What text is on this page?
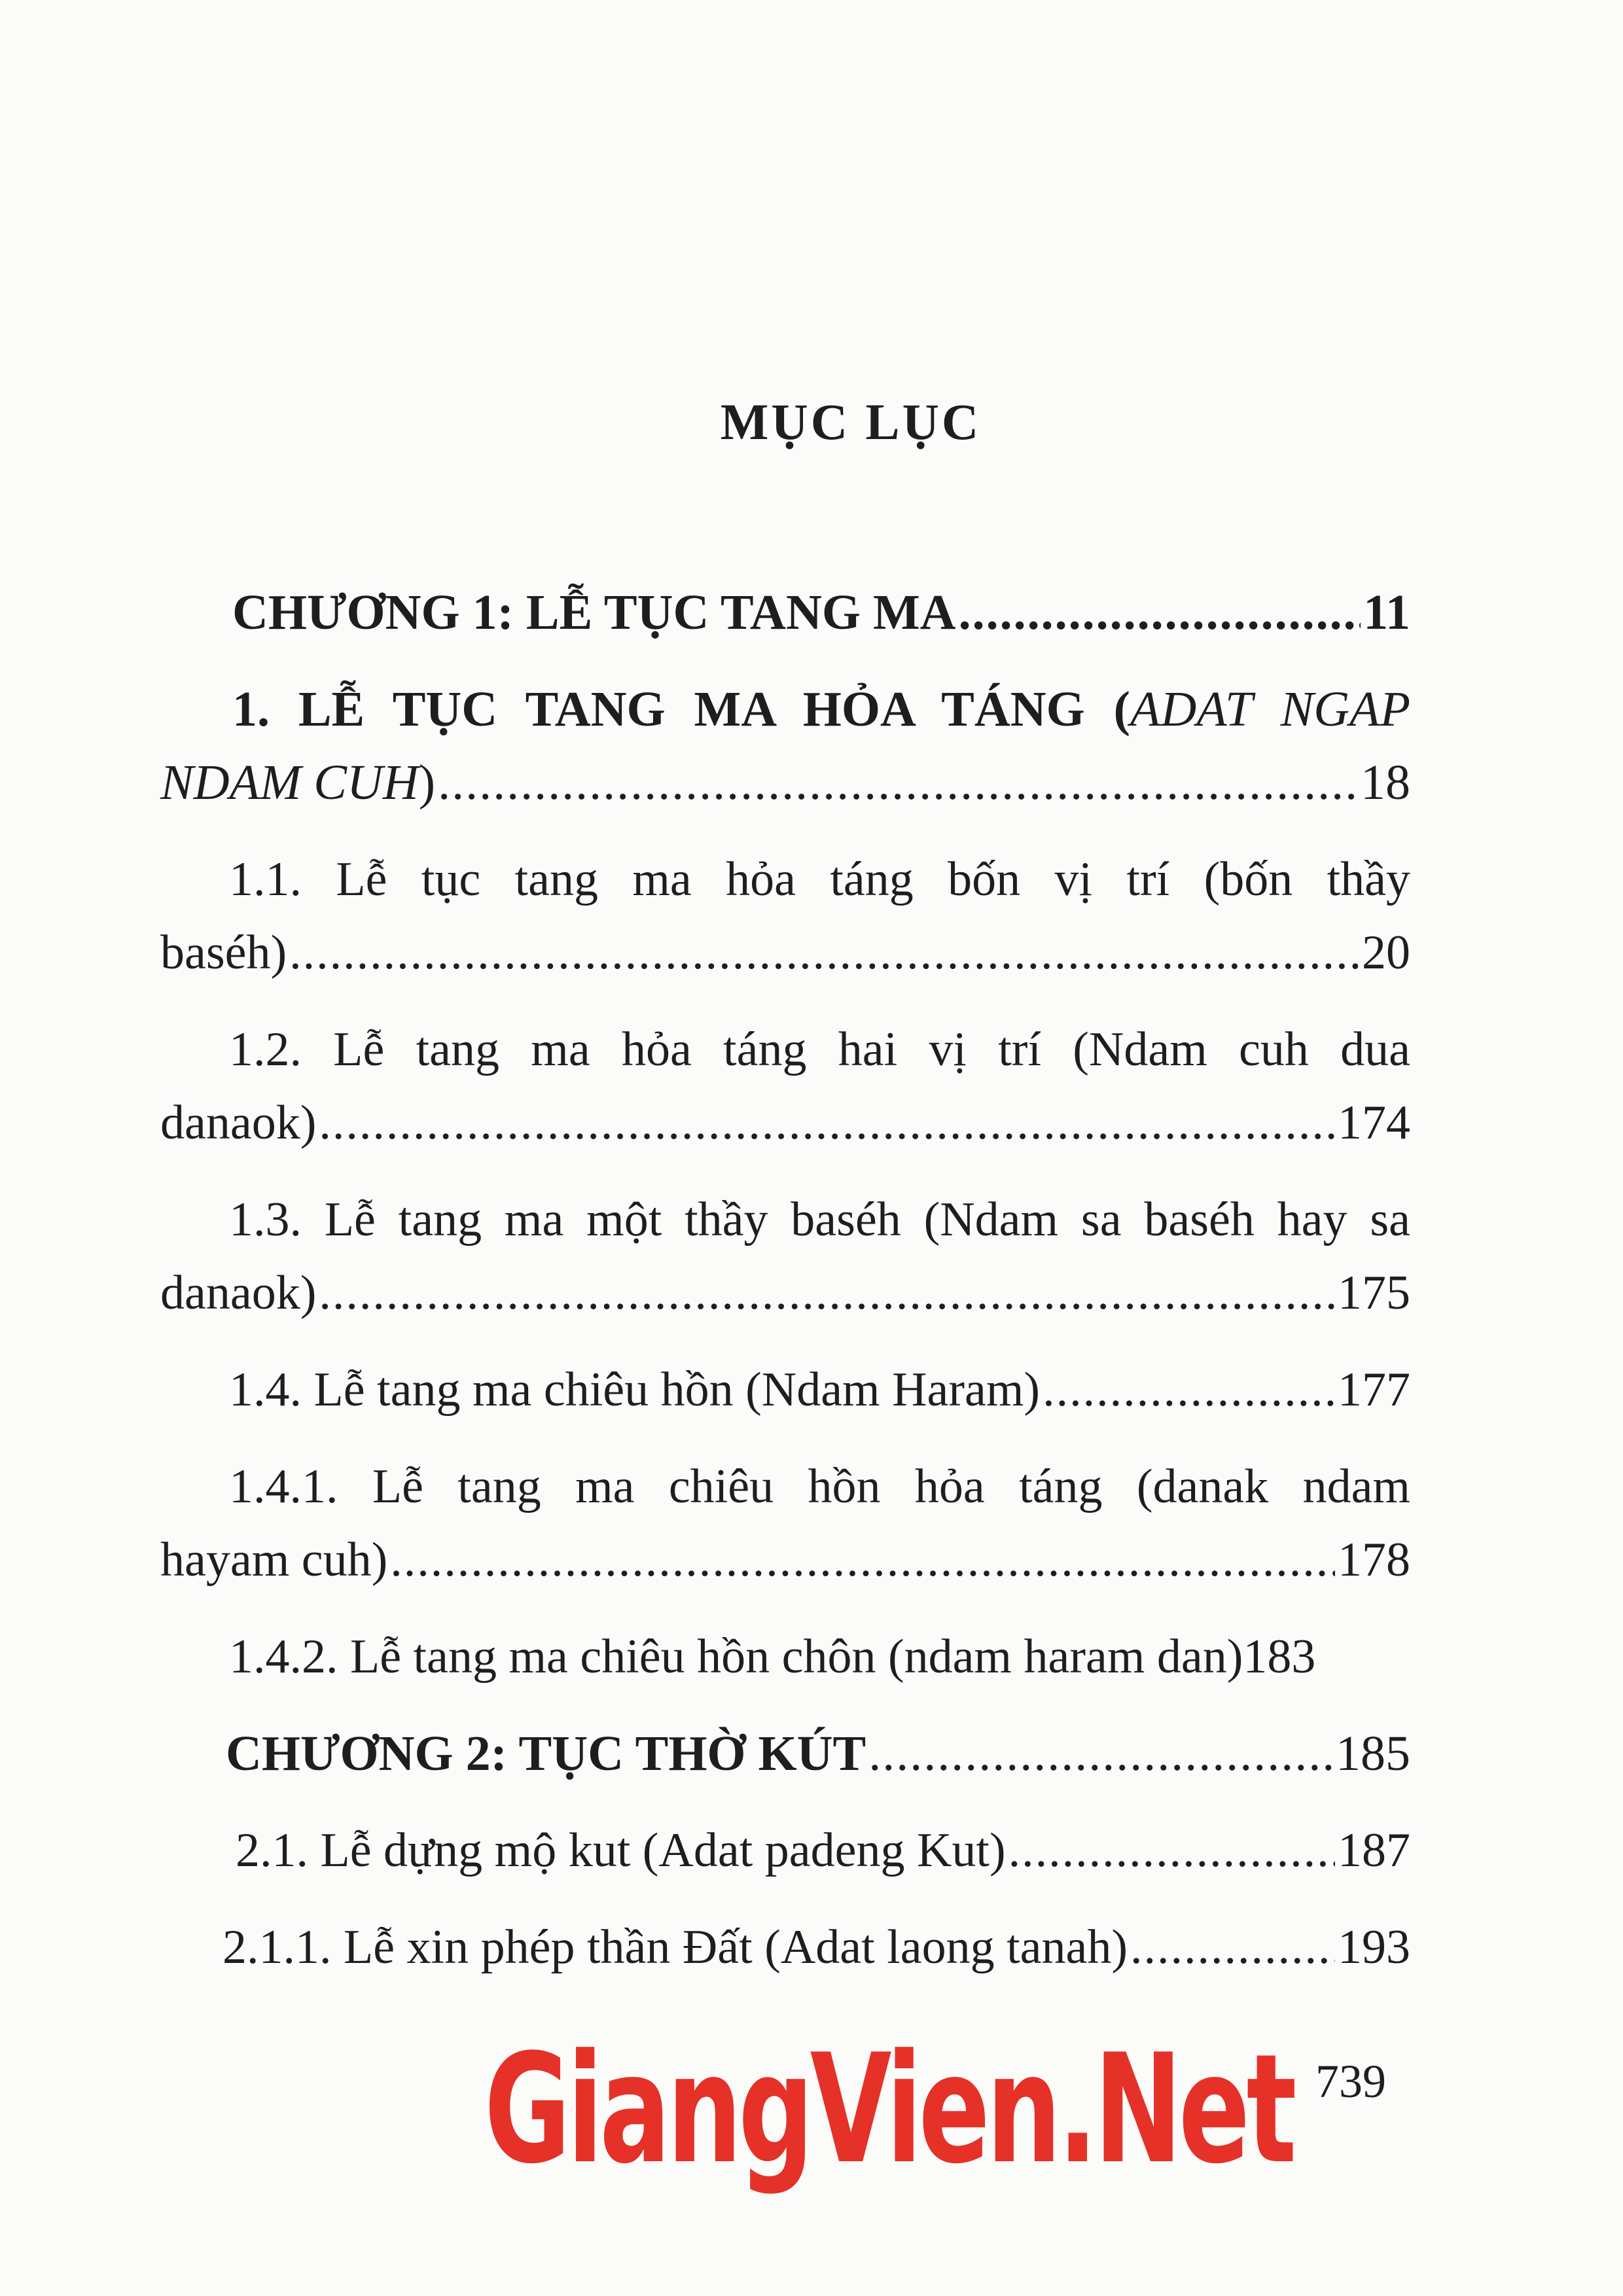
MỤC LỤC
CHƯƠNG 1: LỄ TỤC TANG MA .....	11
1. LỄ TỤC TANG MA HỎA TÁNG (ADAT NGAP
NDAM CUH) .....	18
1.1. Lễ tục tang ma hỏa táng bốn vị trí (bốn thầy
baséh) .....	20
1.2. Lễ tang ma hỏa táng hai vị trí (Ndam cuh dua
danaok) .....	174
1.3. Lễ tang ma một thầy baséh (Ndam sa baséh hay sa
danaok) .....	175
1.4. Lễ tang ma chiêu hồn (Ndam Haram) .....	177
1.4.1. Lễ tang ma chiêu hồn hỏa táng (danak ndam
hayam cuh) .....	178
1.4.2. Lễ tang ma chiêu hồn chôn (ndam haram dan) 183
CHƯƠNG 2: TỤC THỜ KÚT .....	185
2.1. Lễ dựng mộ kut (Adat padeng Kut) .....	187
2.1.1. Lễ xin phép thần Đất (Adat laong tanah) .....	193
739
GiangVien.Net
